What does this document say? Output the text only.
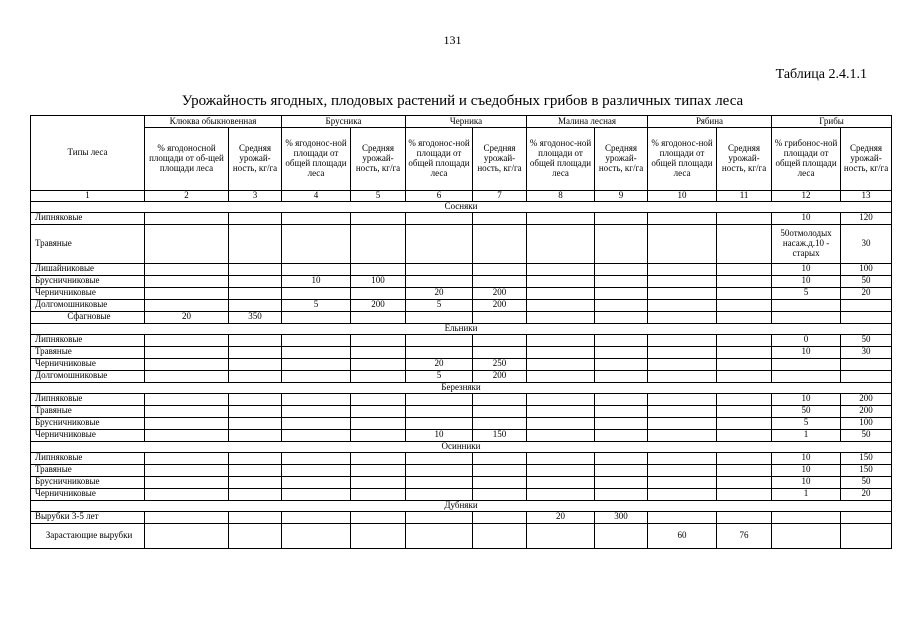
131
Таблица 2.4.1.1
Урожайность ягодных, плодовых растений и съедобных грибов в различных типах леса
Типы леса	Клюква обыкновенная		Брусника		Черника		Малина лесная		Рябина		Грибы	
	% ягодоносной площади от об-щей площади леса	Средняя урожай-ность, кг/га	% ягодонос-ной площади от общей площади леса	Средняя урожай-ность, кг/га	% ягодонос-ной площади от общей площади леса	Средняя урожай-ность, кг/га	% ягодонос-ной площади от общей площади леса	Средняя урожай-ность, кг/га	% ягодонос-ной площади от общей площади леса	Средняя урожай-ность, кг/га	% грибонос-ной площади от общей площади леса	Средняя урожай-ность, кг/га
1	2	3	4	5	6	7	8	9	10	11	12	13
Сосняки												
Липняковые											10	120
Травяные											50отмолодых насаж.д.10 - старых	30
Лишайниковые											10	100
Брусничниковые			10	100							10	50
Черничниковые					20	200					5	20
Долгомошниковые			5	200	5	200						
Сфагновые	20	350										
Ельники												
Липняковые											0	50
Травяные											10	30
Черничниковые					20	250						
Долгомошниковые					5	200						
Березняки												
Липняковые											10	200
Травяные											50	200
Брусничниковые											5	100
Черничниковые					10	150					1	50
Осинники												
Липняковые											10	150
Травяные											10	150
Брусничниковые											10	50
Черничниковые											1	20
Дубняки												
Вырубки 3-5 лет							20	300				
Зарастающие вырубки									60	76		
